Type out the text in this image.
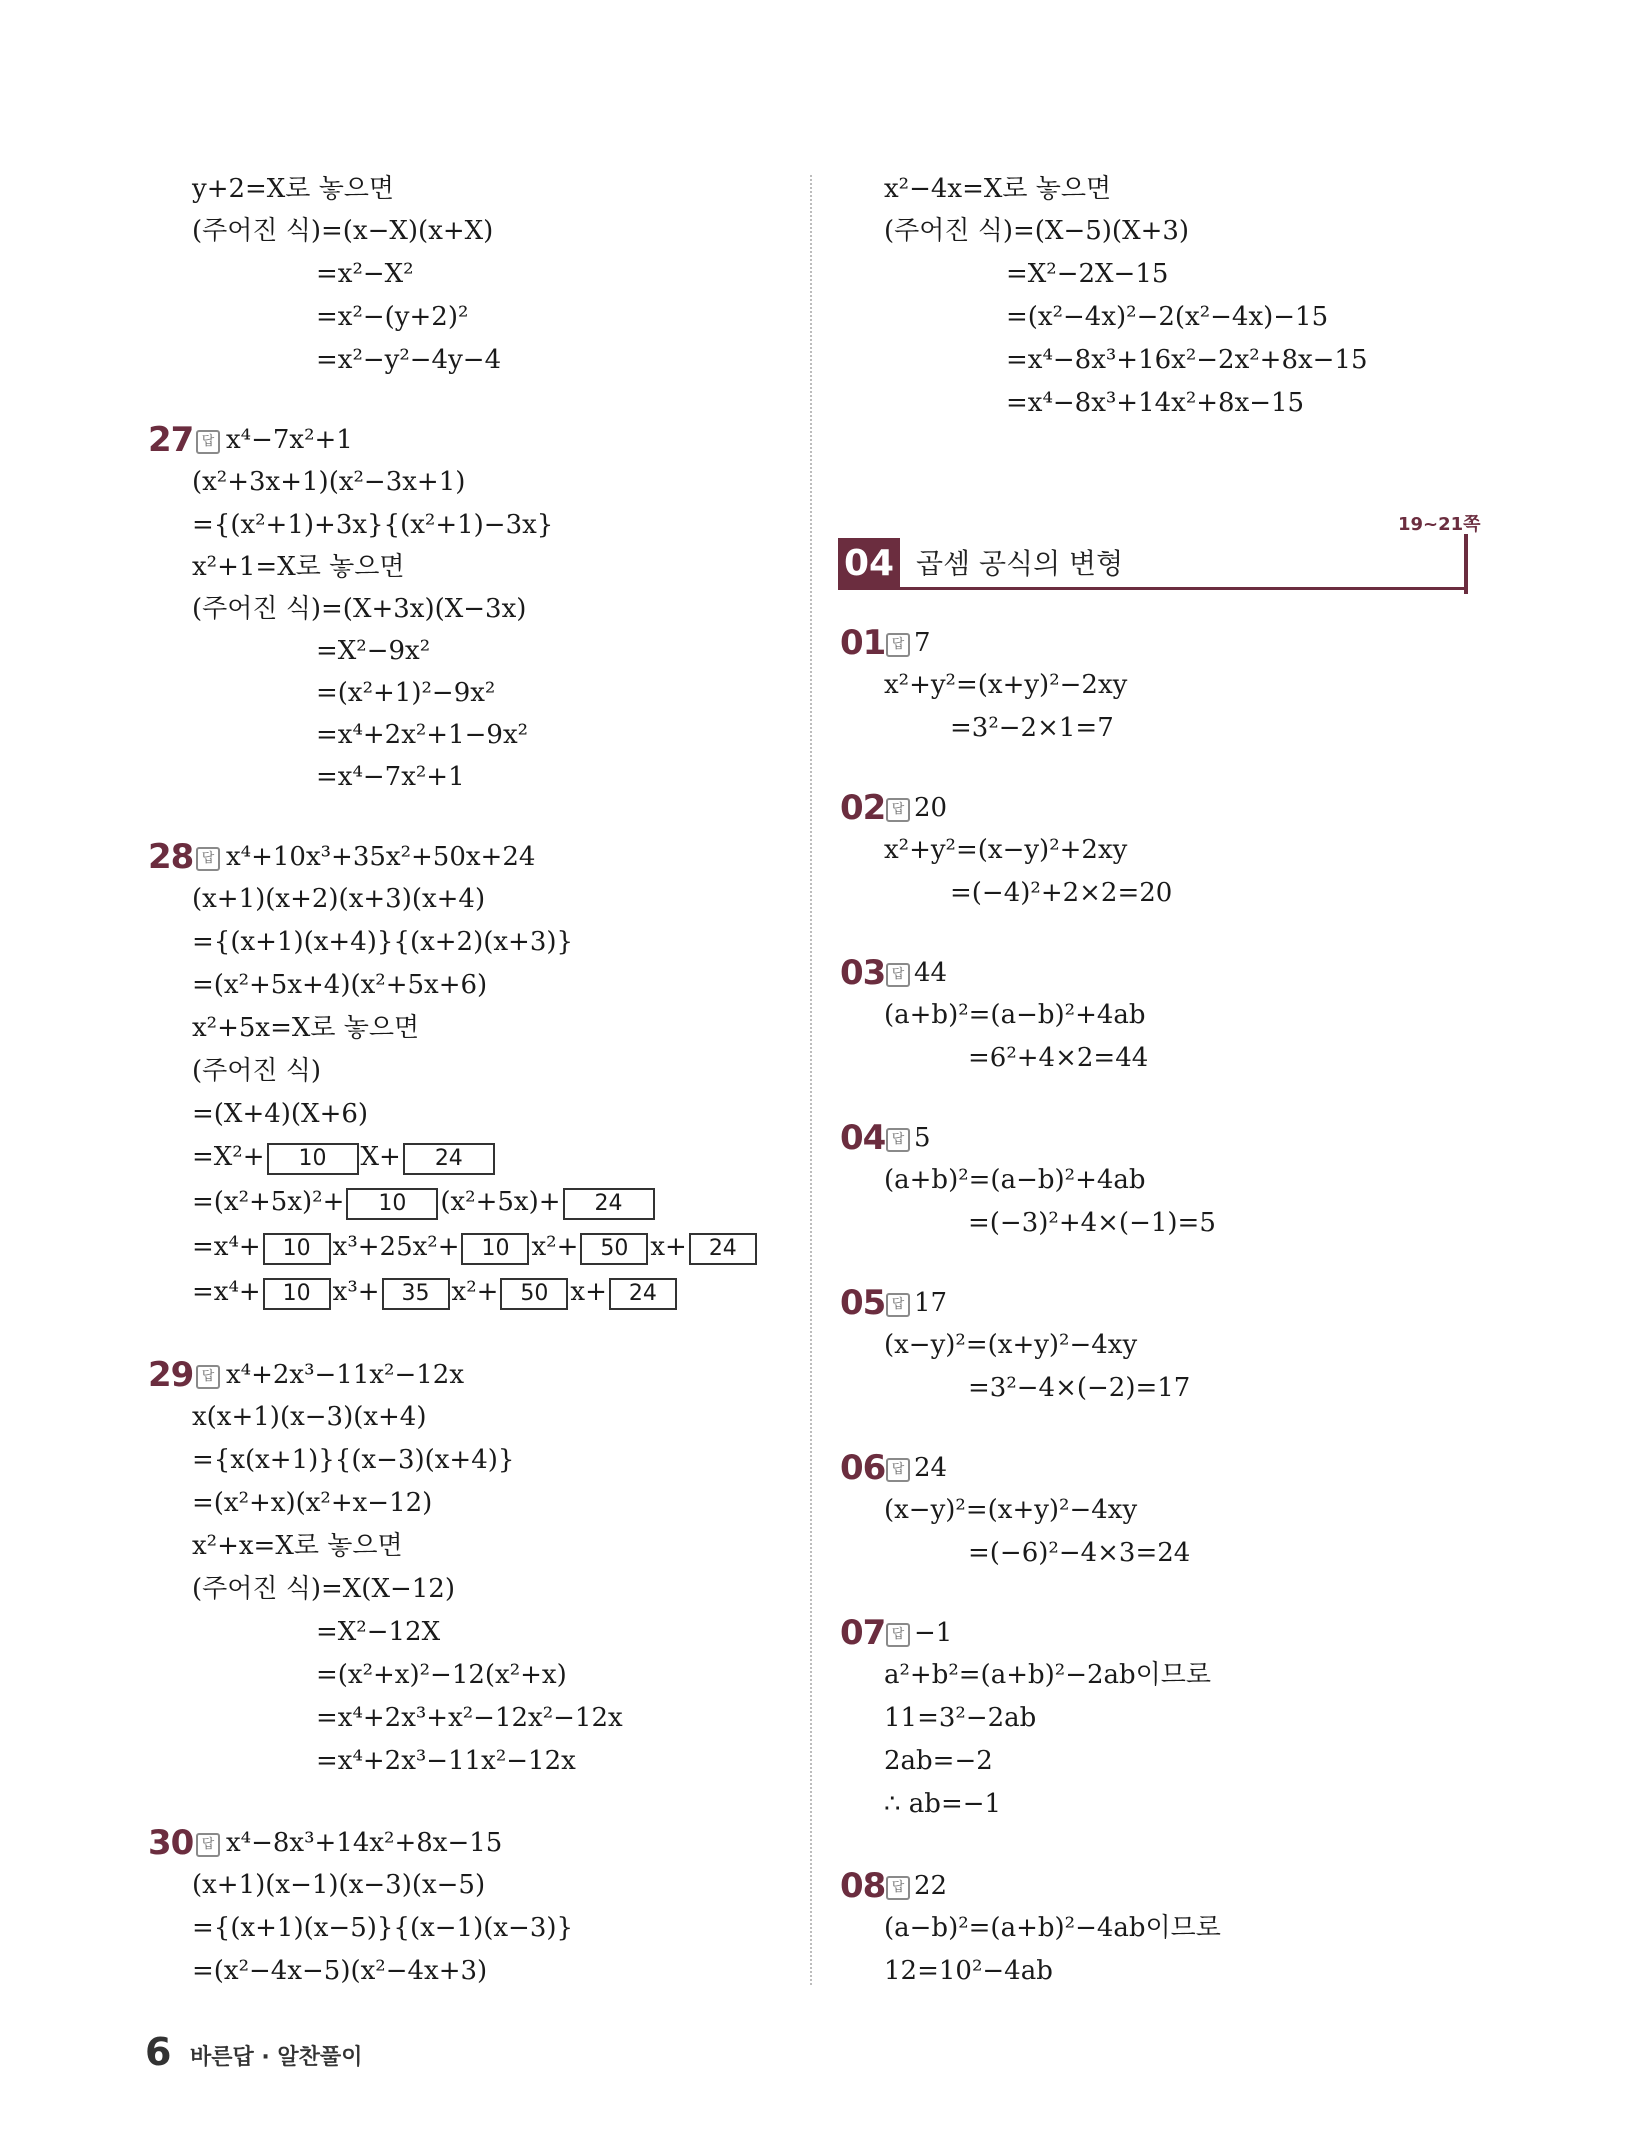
y+2=X로 놓으면
(주어진 식)=(x−X)(x+X)
=x²−X²
=x²−(y+2)²
=x²−y²−4y−4
27 답 x⁴−7x²+1
(x²+3x+1)(x²−3x+1)
={(x²+1)+3x}{(x²+1)−3x}
x²+1=X로 놓으면
(주어진 식)=(X+3x)(X−3x)
=X²−9x²
=(x²+1)²−9x²
=x⁴+2x²+1−9x²
=x⁴−7x²+1
28 답 x⁴+10x³+35x²+50x+24
(x+1)(x+2)(x+3)(x+4)
={(x+1)(x+4)}{(x+2)(x+3)}
=(x²+5x+4)(x²+5x+6)
x²+5x=X로 놓으면
(주어진 식)
=(X+4)(X+6)
=X²+ 10 X+ 24
=(x²+5x)²+ 10 (x²+5x)+ 24
=x⁴+ 10 x³+25x²+ 10 x²+ 50 x+ 24
=x⁴+ 10 x³+ 35 x²+ 50 x+ 24
29 답 x⁴+2x³−11x²−12x
x(x+1)(x−3)(x+4)
={x(x+1)}{(x−3)(x+4)}
=(x²+x)(x²+x−12)
x²+x=X로 놓으면
(주어진 식)=X(X−12)
=X²−12X
=(x²+x)²−12(x²+x)
=x⁴+2x³+x²−12x²−12x
=x⁴+2x³−11x²−12x
30 답 x⁴−8x³+14x²+8x−15
(x+1)(x−1)(x−3)(x−5)
={(x+1)(x−5)}{(x−1)(x−3)}
=(x²−4x−5)(x²−4x+3)
x²−4x=X로 놓으면
(주어진 식)=(X−5)(X+3)
=X²−2X−15
=(x²−4x)²−2(x²−4x)−15
=x⁴−8x³+16x²−2x²+8x−15
=x⁴−8x³+14x²+8x−15
19~21쪽
04 곱셈 공식의 변형
01 답 7
x²+y²=(x+y)²−2xy
=3²−2×1=7
02 답 20
x²+y²=(x−y)²+2xy
=(−4)²+2×2=20
03 답 44
(a+b)²=(a−b)²+4ab
=6²+4×2=44
04 답 5
(a+b)²=(a−b)²+4ab
=(−3)²+4×(−1)=5
05 답 17
(x−y)²=(x+y)²−4xy
=3²−4×(−2)=17
06 답 24
(x−y)²=(x+y)²−4xy
=(−6)²−4×3=24
07 답 −1
a²+b²=(a+b)²−2ab이므로
11=3²−2ab
2ab=−2
∴ ab=−1
08 답 22
(a−b)²=(a+b)²−4ab이므로
12=10²−4ab
6 바른답 · 알찬풀이
